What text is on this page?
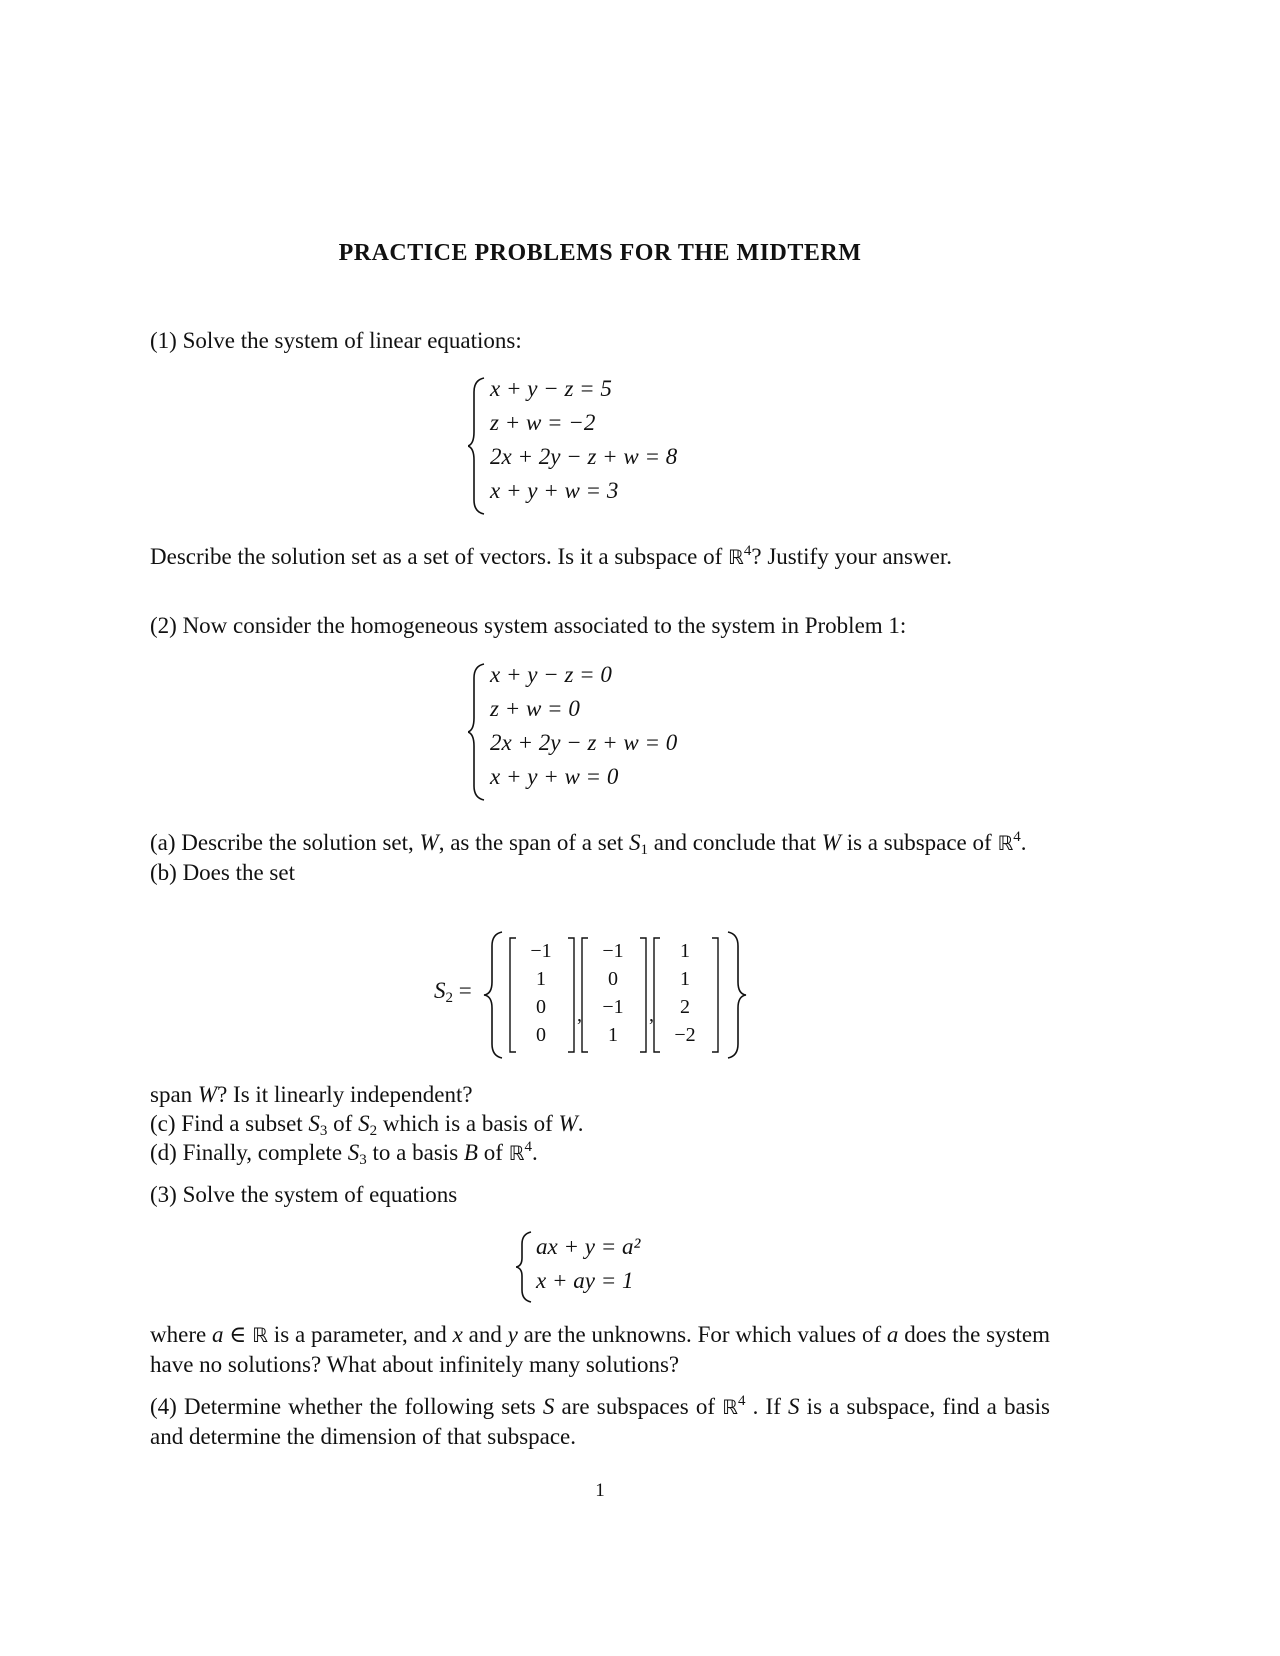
PRACTICE PROBLEMS FOR THE MIDTERM
(1) Solve the system of linear equations:
x + y − z = 5
z + w = −2
2x + 2y − z + w = 8
x + y + w = 3
Describe the solution set as a set of vectors. Is it a subspace of ℝ$^4$? Justify your answer.
(2) Now consider the homogeneous system associated to the system in Problem 1:
x + y − z = 0
z + w = 0
2x + 2y − z + w = 0
x + y + w = 0
(a) Describe the solution set, W, as the span of a set $S_1$ and conclude that W is a subspace of ℝ$^4$.
(b) Does the set
$S_2$ =
−1
1
0
0
,
−1
0
−1
1
,
1
1
2
−2
span W? Is it linearly independent?
(c) Find a subset $S_3$ of $S_2$ which is a basis of W.
(d) Finally, complete $S_3$ to a basis B of ℝ$^4$.
(3) Solve the system of equations
ax + y = a²
x + ay = 1
where a ∈ ℝ is a parameter, and x and y are the unknowns. For which values of a does the system have no solutions? What about infinitely many solutions?
(4) Determine whether the following sets S are subspaces of ℝ$^4$ . If S is a subspace, find a basis and determine the dimension of that subspace.
1
